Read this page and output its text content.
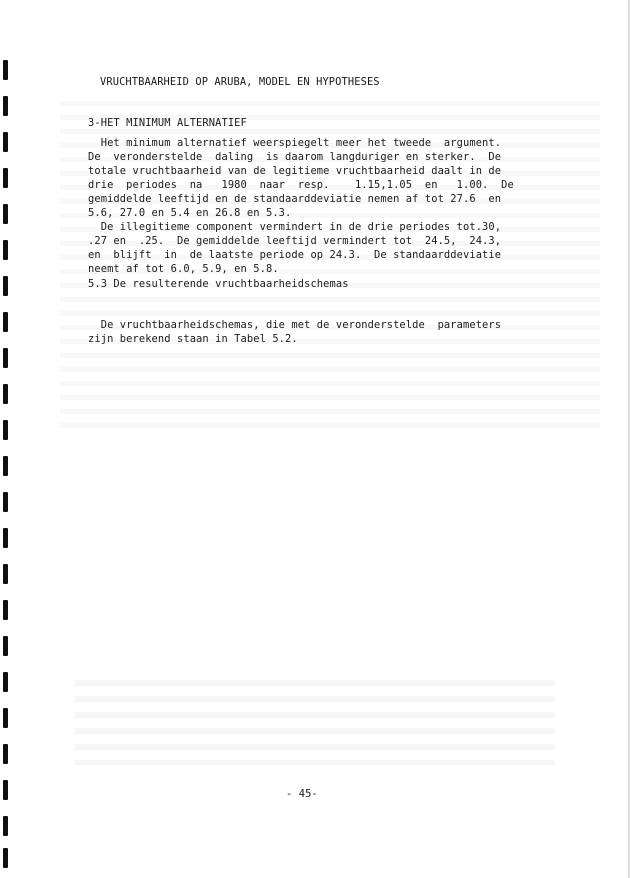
VRUCHTBAARHEID OP ARUBA, MODEL EN HYPOTHESES
3-HET MINIMUM ALTERNATIEF
Het minimum alternatief weerspiegelt meer het tweede  argument.
De  veronderstelde  daling  is daarom langduriger en sterker.  De
totale vruchtbaarheid van de legitieme vruchtbaarheid daalt in de
drie  periodes  na   1980  naar  resp.    1.15,1.05  en   1.00.  De
gemiddelde leeftijd en de standaarddeviatie nemen af tot 27.6  en
5.6, 27.0 en 5.4 en 26.8 en 5.3.
De illegitieme component vermindert in de drie periodes tot.30,
.27 en  .25.  De gemiddelde leeftijd vermindert tot  24.5,  24.3,
en  blijft  in  de laatste periode op 24.3.  De standaarddeviatie
neemt af tot 6.0, 5.9, en 5.8.
5.3 De resulterende vruchtbaarheidschemas
De vruchtbaarheidschemas, die met de veronderstelde  parameters
zijn berekend staan in Tabel 5.2.
- 45-
